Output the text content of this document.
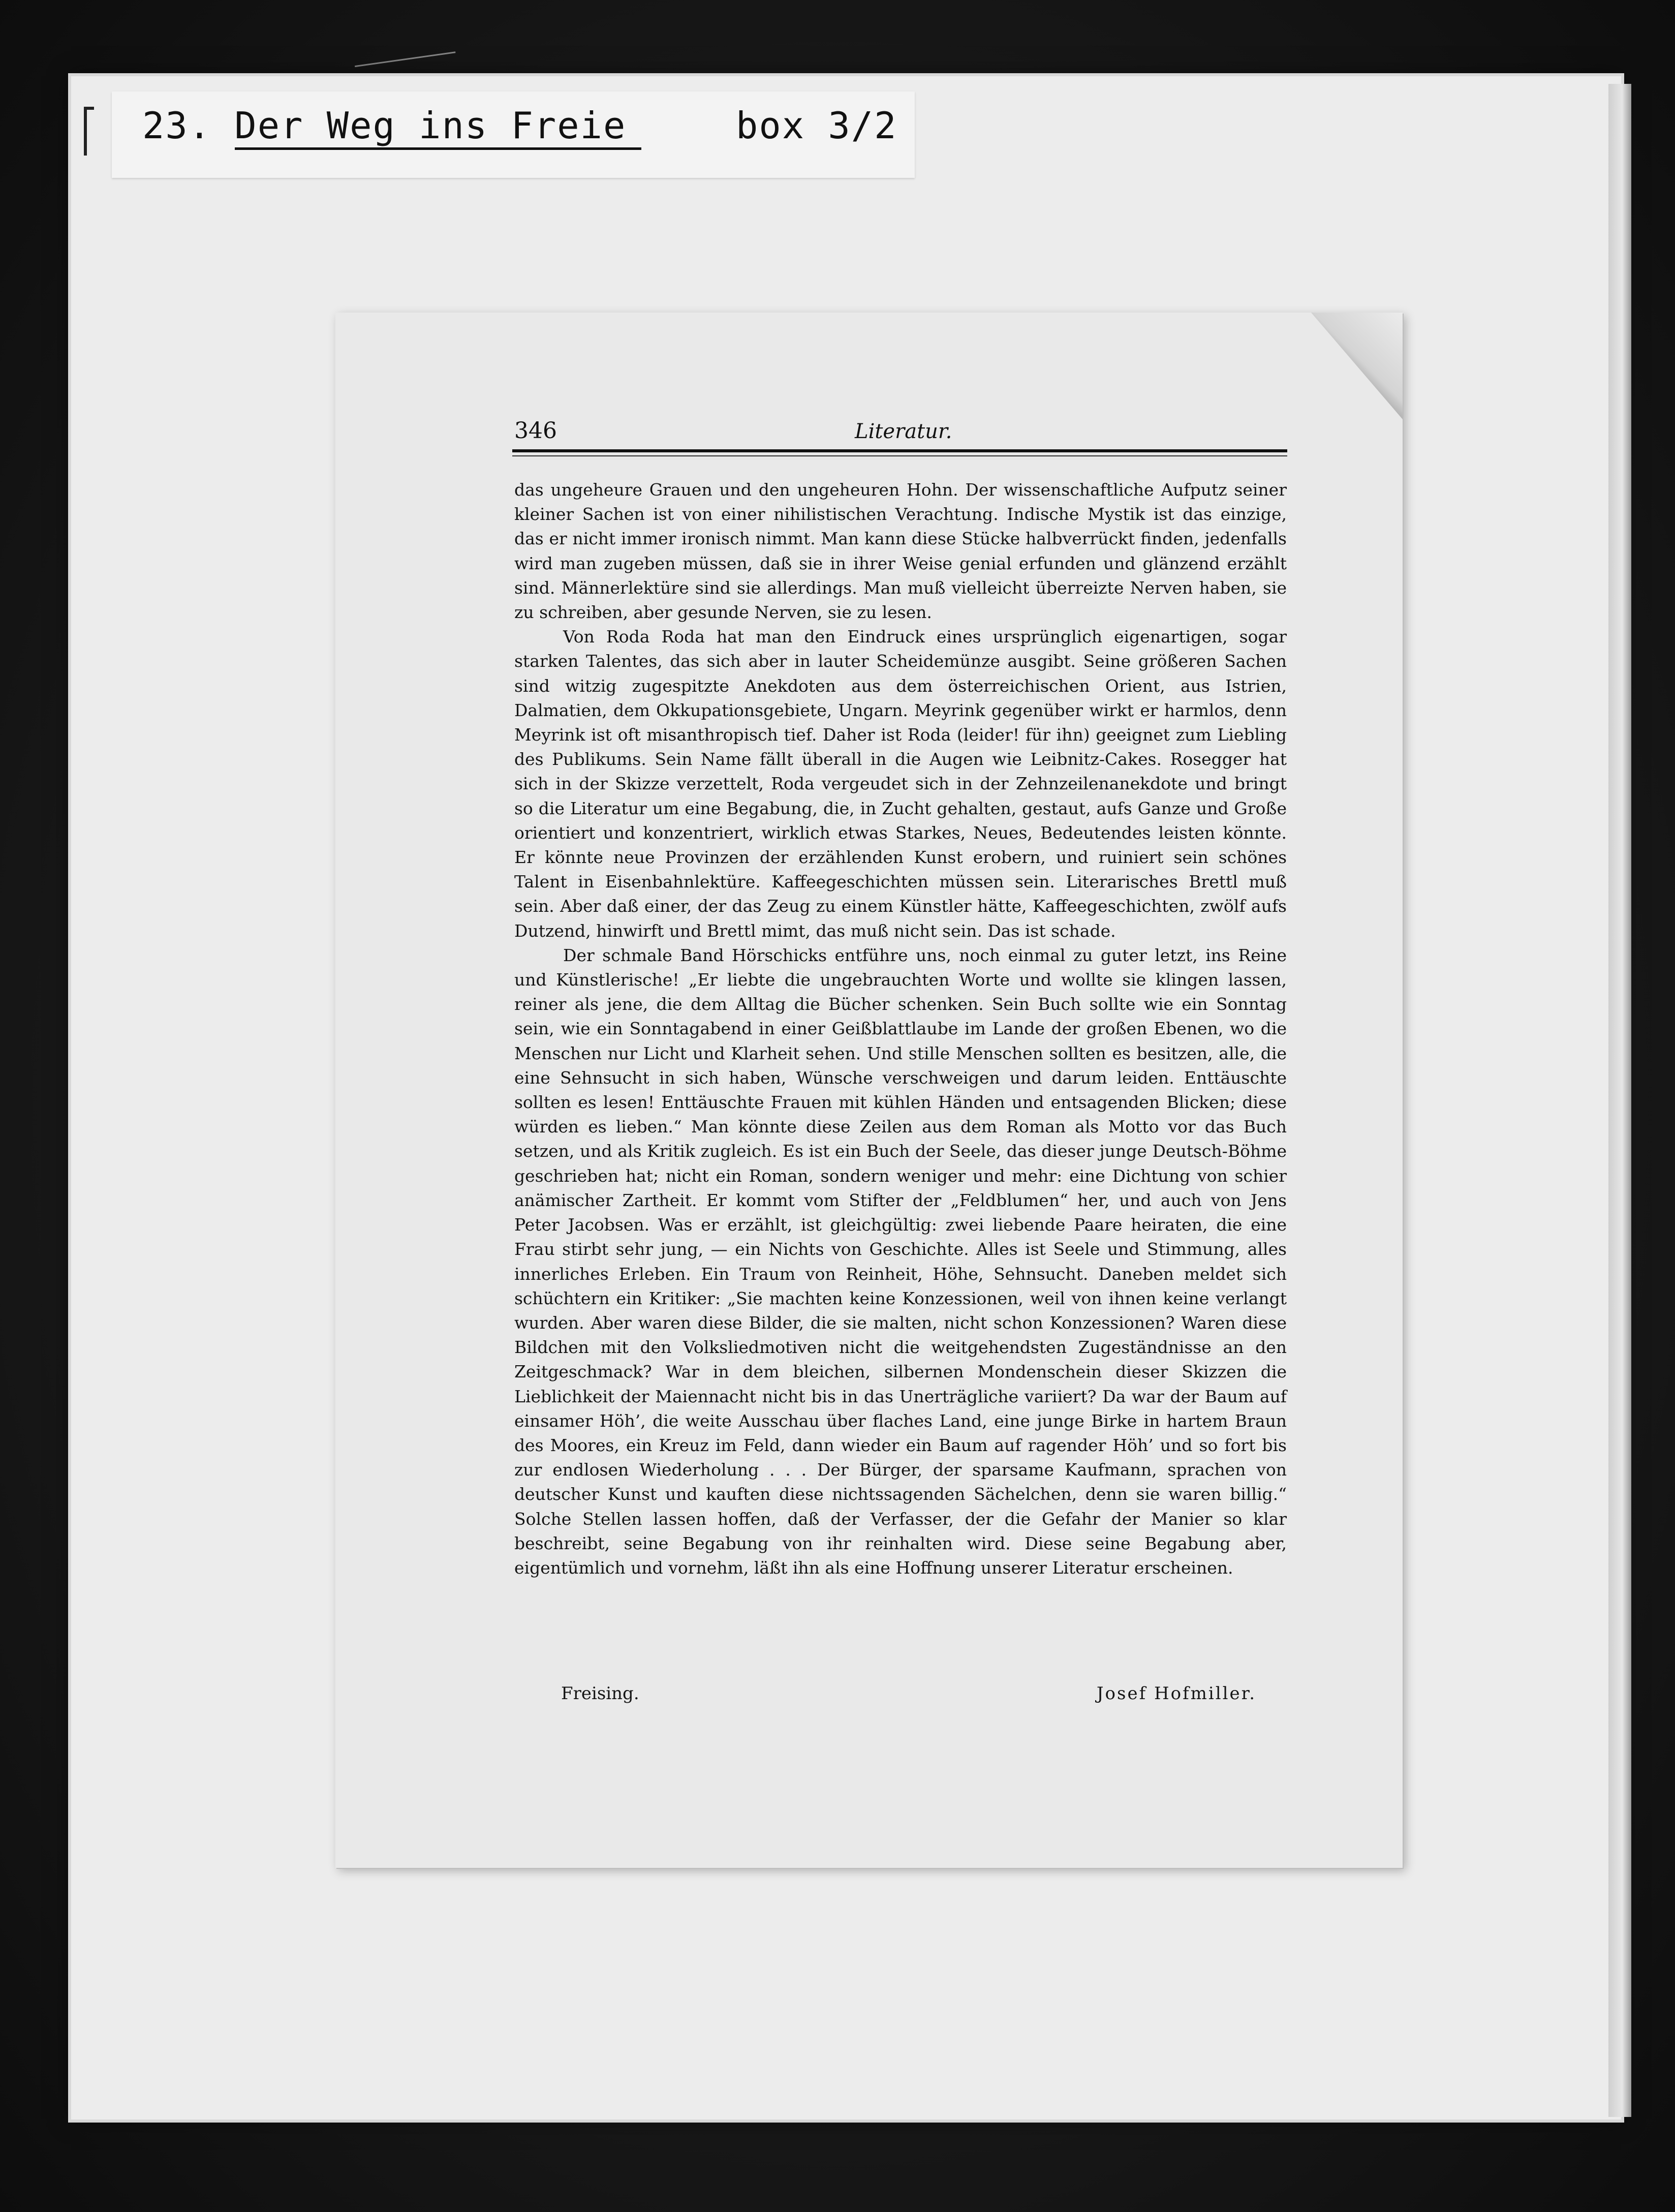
23. Der Weg ins Freie	box 3/2
346	Literatur.

das ungeheure Grauen und den ungeheuren Hohn. Der wissenschaftliche Aufputz seiner kleiner Sachen ist von einer nihilistischen Verachtung. Indische Mystik ist das einzige, das er nicht immer ironisch nimmt. Man kann diese Stücke halbverrückt finden, jedenfalls wird man zugeben müssen, daß sie in ihrer Weise genial erfunden und glänzend erzählt sind. Männerlektüre sind sie allerdings. Man muß vielleicht überreizte Nerven haben, sie zu schreiben, aber gesunde Nerven, sie zu lesen.

Von Roda Roda hat man den Eindruck eines ursprünglich eigenartigen, sogar starken Talentes, das sich aber in lauter Scheidemünze ausgibt. Seine größeren Sachen sind witzig zugespitzte Anekdoten aus dem österreichischen Orient, aus Istrien, Dalmatien, dem Okkupationsgebiete, Ungarn. Meyrink gegenüber wirkt er harmlos, denn Meyrink ist oft misanthropisch tief. Daher ist Roda (leider! für ihn) geeignet zum Liebling des Publikums. Sein Name fällt überall in die Augen wie Leibnitz-Cakes. Rosegger hat sich in der Skizze verzettelt, Roda vergeudet sich in der Zehnzeilenanekdote und bringt so die Literatur um eine Begabung, die, in Zucht gehalten, gestaut, aufs Ganze und Große orientiert und konzentriert, wirklich etwas Starkes, Neues, Bedeutendes leisten könnte. Er könnte neue Provinzen der erzählenden Kunst erobern, und ruiniert sein schönes Talent in Eisenbahnlektüre. Kaffeegeschichten müssen sein. Literarisches Brettl muß sein. Aber daß einer, der das Zeug zu einem Künstler hätte, Kaffeegeschichten, zwölf aufs Dutzend, hinwirft und Brettl mimt, das muß nicht sein. Das ist schade.

Der schmale Band Hörschicks entführe uns, noch einmal zu guter letzt, ins Reine und Künstlerische! „Er liebte die ungebrauchten Worte und wollte sie klingen lassen, reiner als jene, die dem Alltag die Bücher schenken. Sein Buch sollte wie ein Sonntag sein, wie ein Sonntagabend in einer Geißblattlaube im Lande der großen Ebenen, wo die Menschen nur Licht und Klarheit sehen. Und stille Menschen sollten es besitzen, alle, die eine Sehnsucht in sich haben, Wünsche verschweigen und darum leiden. Enttäuschte sollten es lesen! Enttäuschte Frauen mit kühlen Händen und entsagenden Blicken; diese würden es lieben.“ Man könnte diese Zeilen aus dem Roman als Motto vor das Buch setzen, und als Kritik zugleich. Es ist ein Buch der Seele, das dieser junge Deutsch-Böhme geschrieben hat; nicht ein Roman, sondern weniger und mehr: eine Dichtung von schier anämischer Zartheit. Er kommt vom Stifter der „Feldblumen“ her, und auch von Jens Peter Jacobsen. Was er erzählt, ist gleichgültig: zwei liebende Paare heiraten, die eine Frau stirbt sehr jung, — ein Nichts von Geschichte. Alles ist Seele und Stimmung, alles innerliches Erleben. Ein Traum von Reinheit, Höhe, Sehnsucht. Daneben meldet sich schüchtern ein Kritiker: „Sie machten keine Konzessionen, weil von ihnen keine verlangt wurden. Aber waren diese Bilder, die sie malten, nicht schon Konzessionen? Waren diese Bildchen mit den Volksliedmotiven nicht die weitgehendsten Zugeständnisse an den Zeitgeschmack? War in dem bleichen, silbernen Mondenschein dieser Skizzen die Lieblichkeit der Maiennacht nicht bis in das Unerträgliche variiert? Da war der Baum auf einsamer Höh’, die weite Ausschau über flaches Land, eine junge Birke in hartem Braun des Moores, ein Kreuz im Feld, dann wieder ein Baum auf ragender Höh’ und so fort bis zur endlosen Wiederholung . . . Der Bürger, der sparsame Kaufmann, sprachen von deutscher Kunst und kauften diese nichtssagenden Sächelchen, denn sie waren billig.“ Solche Stellen lassen hoffen, daß der Verfasser, der die Gefahr der Manier so klar beschreibt, seine Begabung von ihr reinhalten wird. Diese seine Begabung aber, eigentümlich und vornehm, läßt ihn als eine Hoffnung unserer Literatur erscheinen.

Freising.	Josef Hofmiller.
